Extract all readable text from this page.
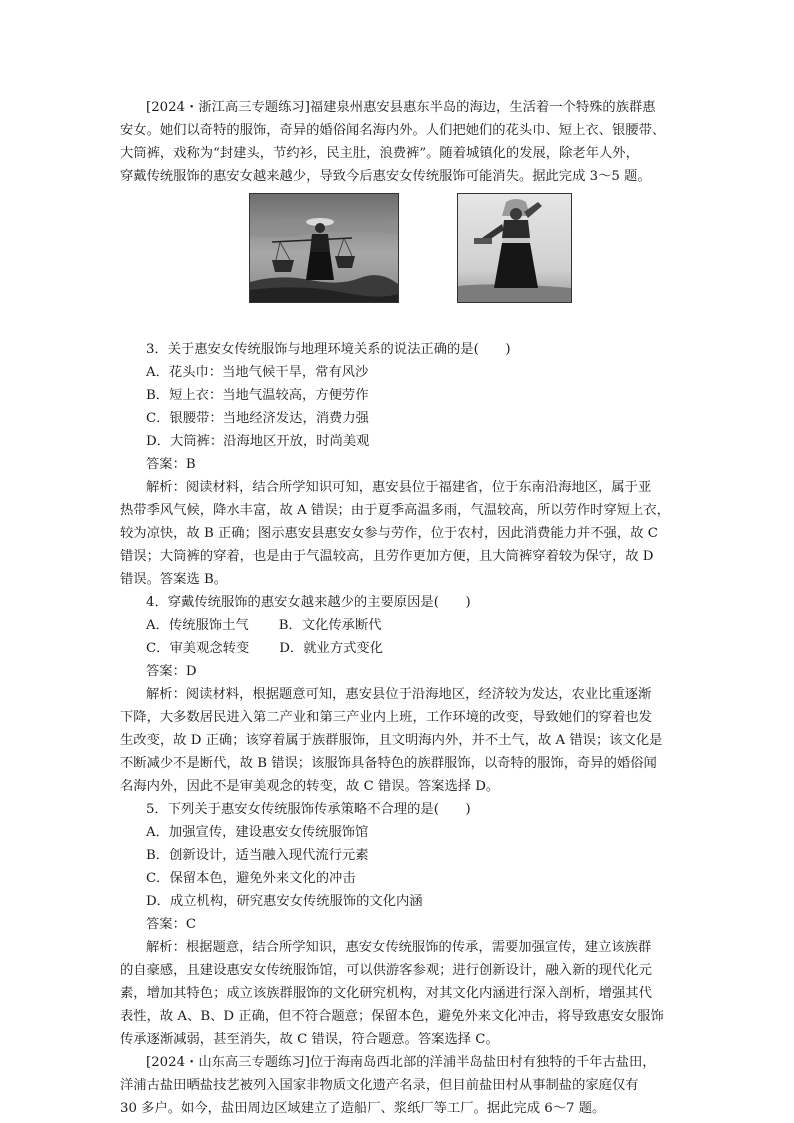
[2024・浙江高三专题练习]福建泉州惠安县惠东半岛的海边，生活着一个特殊的族群惠
安女。她们以奇特的服饰，奇异的婚俗闻名海内外。人们把她们的花头巾、短上衣、银腰带、
大筒裤，戏称为“封建头，节约衫，民主肚，浪费裤”。随着城镇化的发展，除老年人外，
穿戴传统服饰的惠安女越来越少，导致今后惠安女传统服饰可能消失。据此完成 3～5 题。
3．关于惠安女传统服饰与地理环境关系的说法正确的是(　　)
A．花头巾：当地气候干旱，常有风沙
B．短上衣：当地气温较高，方便劳作
C．银腰带：当地经济发达，消费力强
D．大筒裤：沿海地区开放，时尚美观
答案：B
解析：阅读材料，结合所学知识可知，惠安县位于福建省，位于东南沿海地区，属于亚
热带季风气候，降水丰富，故 A 错误；由于夏季高温多雨，气温较高，所以劳作时穿短上衣，
较为凉快，故 B 正确；图示惠安县惠安女参与劳作，位于农村，因此消费能力并不强，故 C
错误；大筒裤的穿着，也是由于气温较高，且劳作更加方便，且大筒裤穿着较为保守，故 D
错误。答案选 B。
4．穿戴传统服饰的惠安女越来越少的主要原因是(　　)
A．传统服饰土气 B．文化传承断代
C．审美观念转变 D．就业方式变化
答案：D
解析：阅读材料，根据题意可知，惠安县位于沿海地区，经济较为发达，农业比重逐渐
下降，大多数居民进入第二产业和第三产业内上班，工作环境的改变，导致她们的穿着也发
生改变，故 D 正确；该穿着属于族群服饰，且文明海内外，并不土气，故 A 错误；该文化是
不断减少不是断代，故 B 错误；该服饰具备特色的族群服饰，以奇特的服饰，奇异的婚俗闻
名海内外，因此不是审美观念的转变，故 C 错误。答案选择 D。
5．下列关于惠安女传统服饰传承策略不合理的是(　　)
A．加强宣传，建设惠安女传统服饰馆
B．创新设计，适当融入现代流行元素
C．保留本色，避免外来文化的冲击
D．成立机构，研究惠安女传统服饰的文化内涵
答案：C
解析：根据题意，结合所学知识，惠安女传统服饰的传承，需要加强宣传，建立该族群
的自豪感，且建设惠安女传统服饰馆，可以供游客参观；进行创新设计，融入新的现代化元
素，增加其特色；成立该族群服饰的文化研究机构，对其文化内涵进行深入剖析，增强其代
表性，故 A、B、D 正确，但不符合题意；保留本色，避免外来文化冲击，将导致惠安女服饰
传承逐渐减弱，甚至消失，故 C 错误，符合题意。答案选择 C。
[2024・山东高三专题练习]位于海南岛西北部的洋浦半岛盐田村有独特的千年古盐田，
洋浦古盐田晒盐技艺被列入国家非物质文化遗产名录，但目前盐田村从事制盐的家庭仅有
30 多户。如今，盐田周边区域建立了造船厂、浆纸厂等工厂。据此完成 6～7 题。
